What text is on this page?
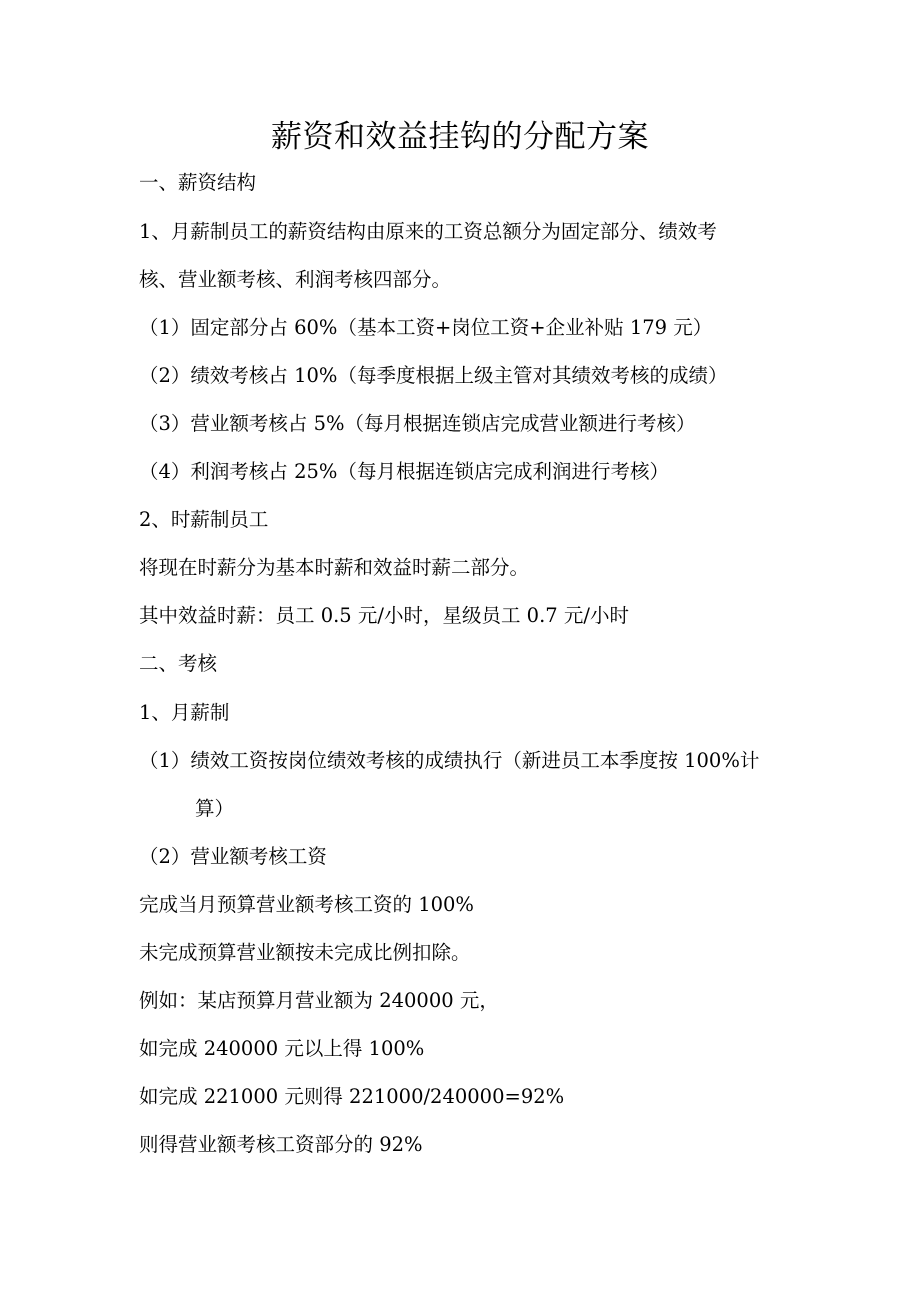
薪资和效益挂钩的分配方案
一、薪资结构
1、月薪制员工的薪资结构由原来的工资总额分为固定部分、绩效考
核、营业额考核、利润考核四部分。
（1）固定部分占 60%（基本工资+岗位工资+企业补贴 179 元）
（2）绩效考核占 10%（每季度根据上级主管对其绩效考核的成绩）
（3）营业额考核占 5%（每月根据连锁店完成营业额进行考核）
（4）利润考核占 25%（每月根据连锁店完成利润进行考核）
2、时薪制员工
将现在时薪分为基本时薪和效益时薪二部分。
其中效益时薪：员工 0.5 元/小时，星级员工 0.7 元/小时
二、考核
1、月薪制
（1）绩效工资按岗位绩效考核的成绩执行（新进员工本季度按 100%计
算）
（2）营业额考核工资
完成当月预算营业额考核工资的 100%
未完成预算营业额按未完成比例扣除。
例如：某店预算月营业额为 240000 元，
如完成 240000 元以上得 100%
如完成 221000 元则得 221000/240000=92%
则得营业额考核工资部分的 92%
